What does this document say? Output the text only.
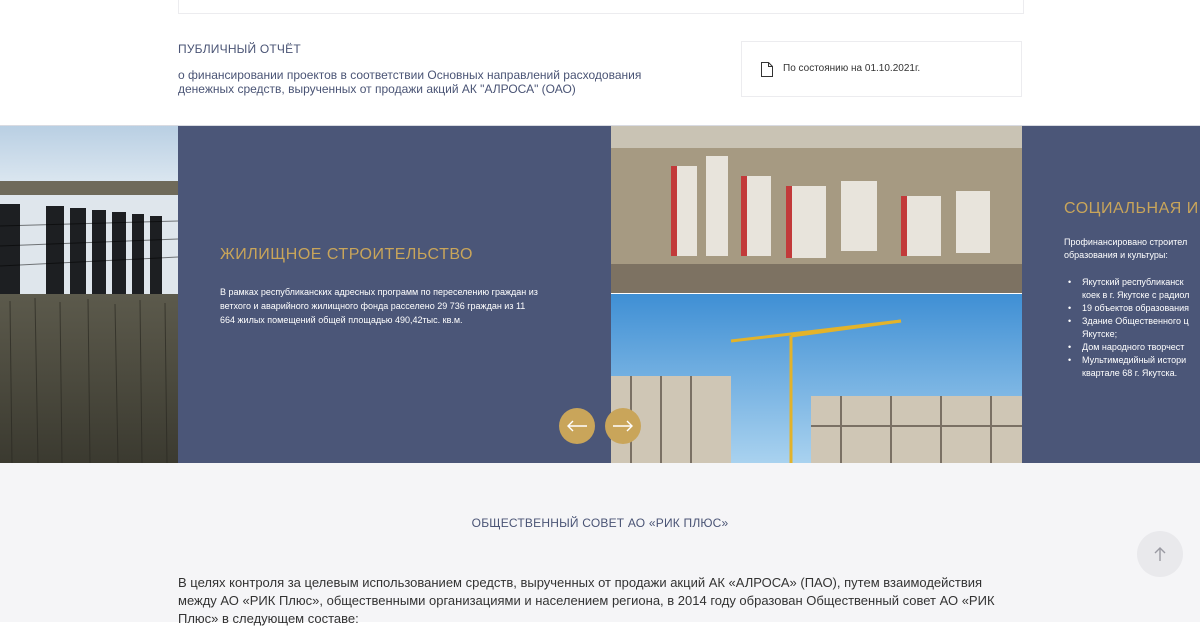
ПУБЛИЧНЫЙ ОТЧЁТ
о финансировании проектов в соответствии Основных направлений расходования денежных средств, вырученных от продажи акций АК "АЛРОСА" (ОАО)
По состоянию на 01.10.2021г.
ЖИЛИЩНОЕ СТРОИТЕЛЬСТВО
В рамках республиканских адресных программ по переселению граждан из ветхого и аварийного жилищного фонда расселено 29 736 граждан из 11 664 жилых помещений общей площадью 490,42тыс. кв.м.
СОЦИАЛЬНАЯ И
Профинансировано строител
образования и культуры:
• Якутский республиканск
коек в г. Якутске с радиол
• 19 объектов образования
• Здание Общественного ц
Якутске;
• Дом народного творчест
• Мультимедийный истори
квартале 68 г. Якутска.
ОБЩЕСТВЕННЫЙ СОВЕТ АО «РИК ПЛЮС»
В целях контроля за целевым использованием средств, вырученных от продажи акций АК «АЛРОСА» (ПАО), путем взаимодействия между АО «РИК Плюс», общественными организациями и населением региона, в 2014 году образован Общественный совет АО «РИК Плюс» в следующем составе:
